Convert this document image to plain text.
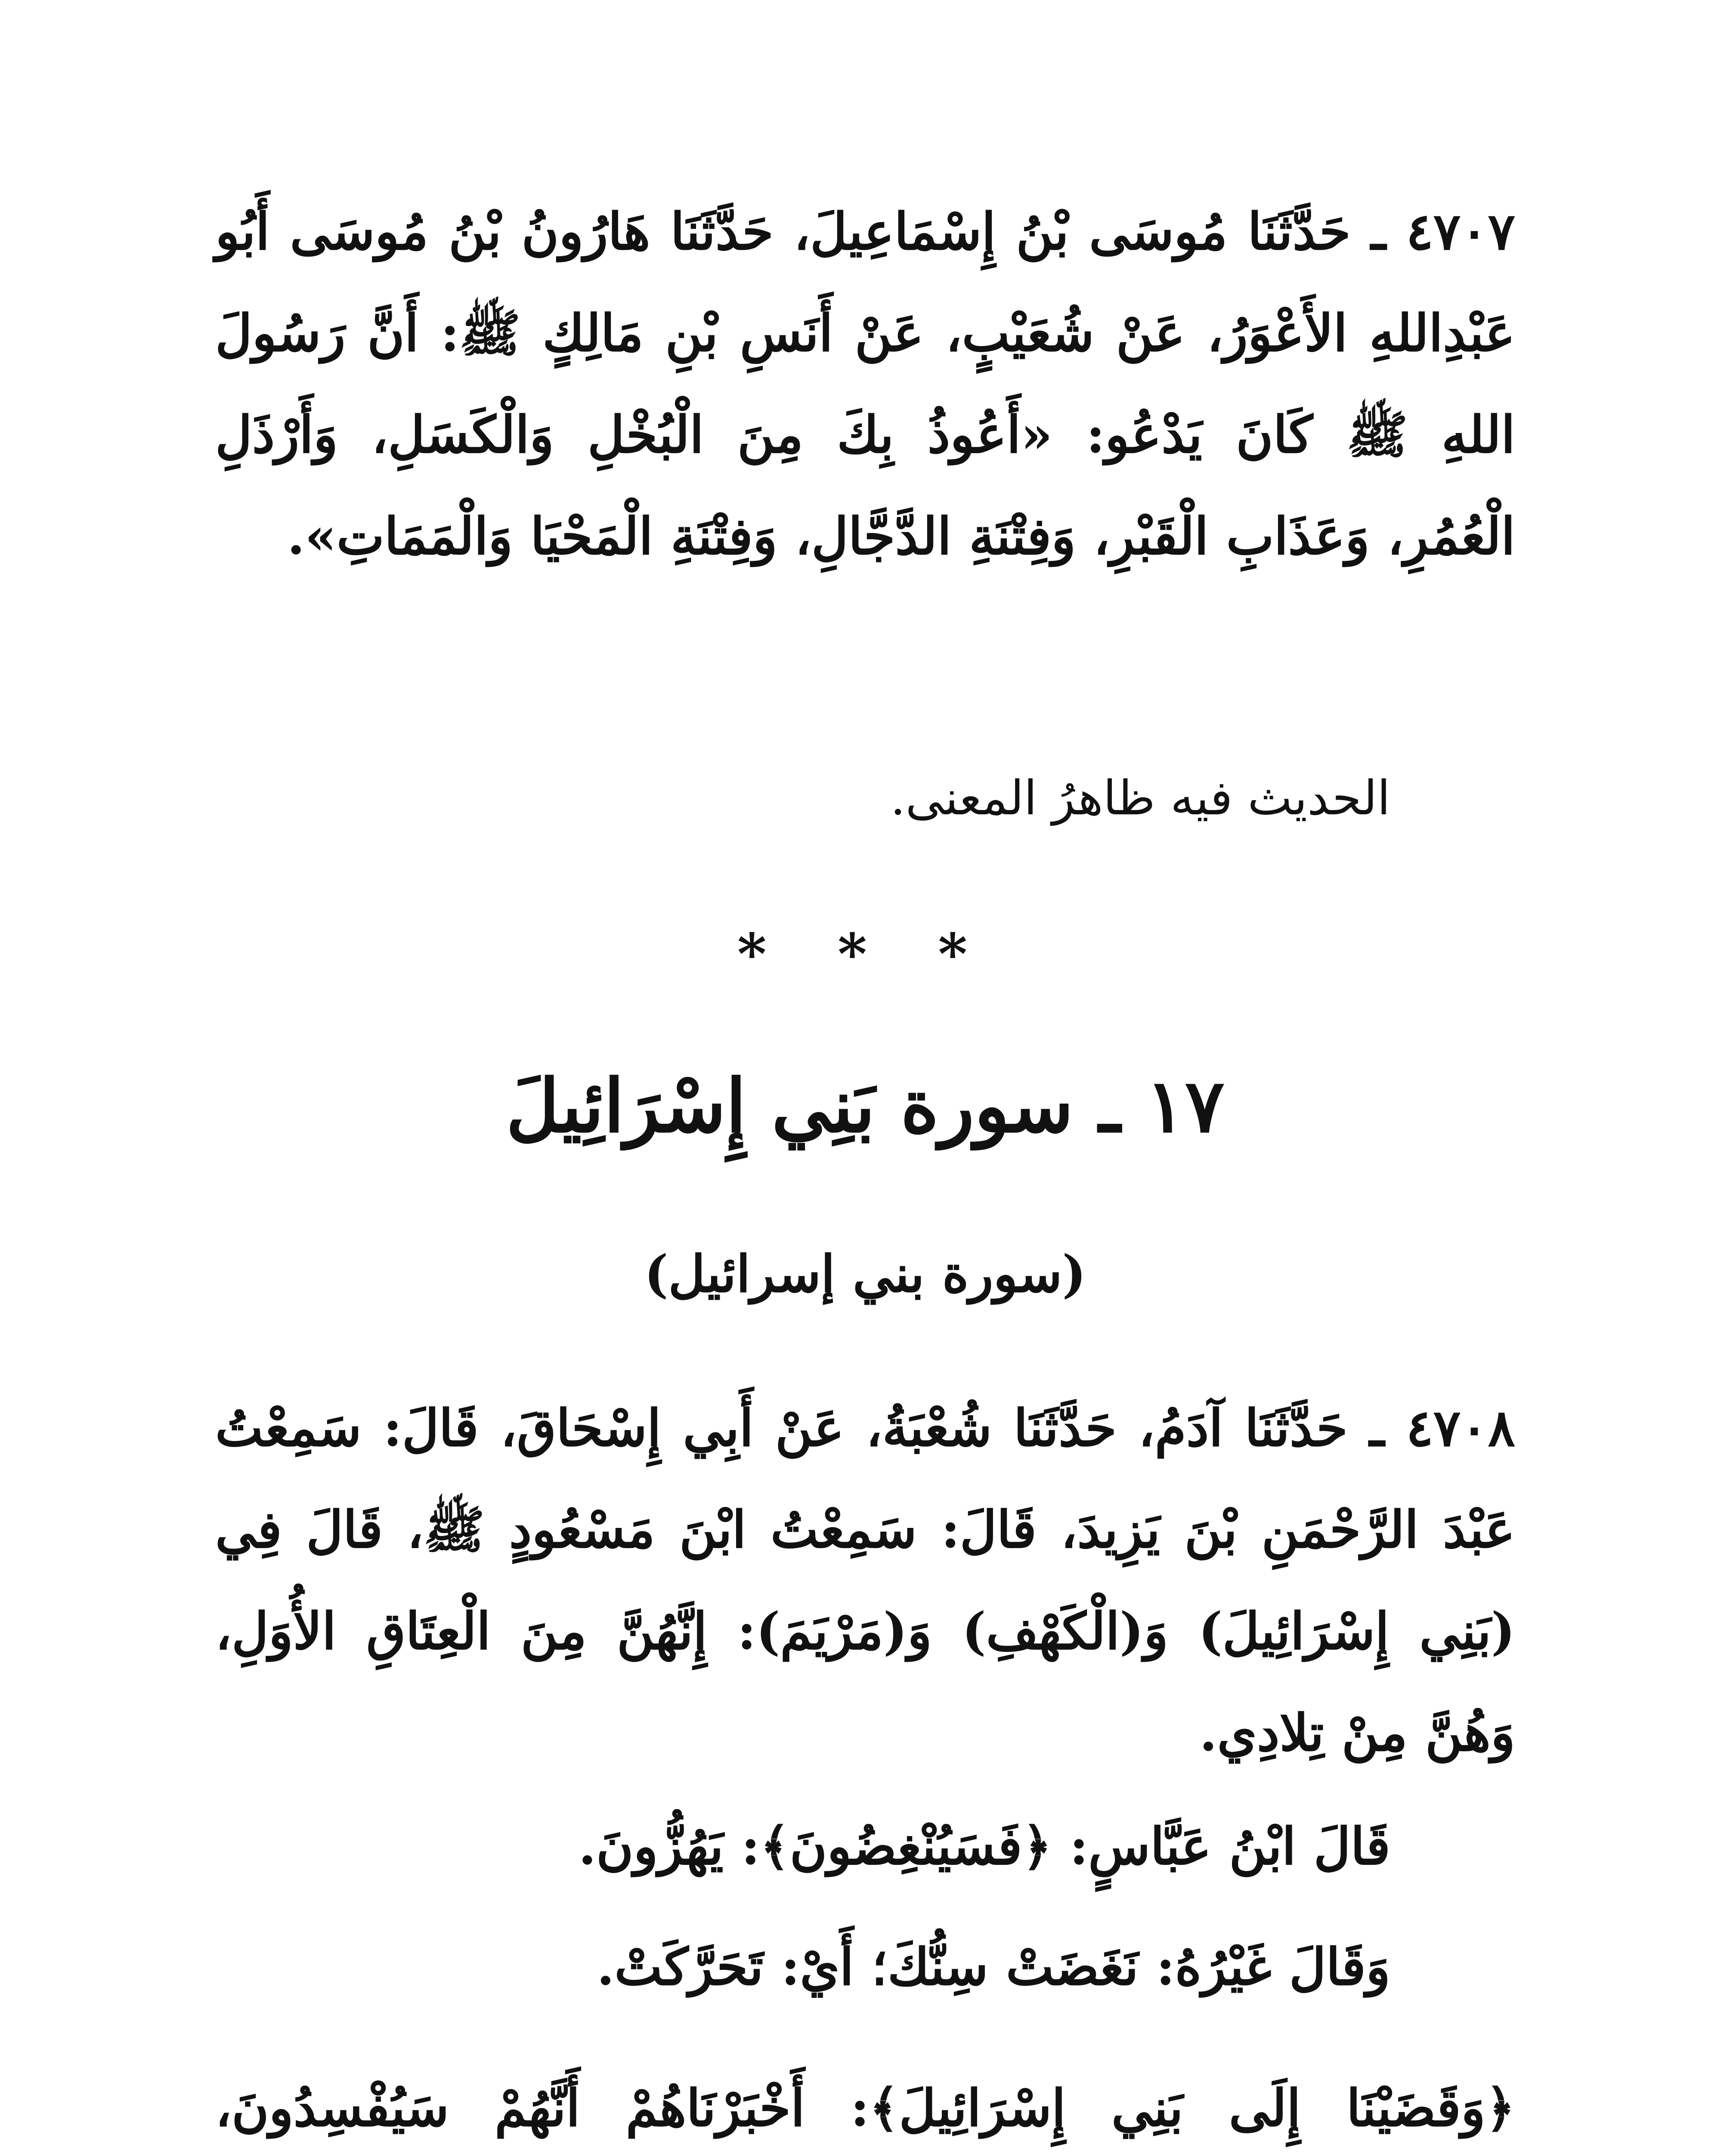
٤٧٠٧ ـ حَدَّثَنَا مُوسَى بْنُ إِسْمَاعِيلَ، حَدَّثَنَا هَارُونُ بْنُ مُوسَى أَبُو عَبْدِاللهِ الأَعْوَرُ، عَنْ شُعَيْبٍ، عَنْ أَنَسِ بْنِ مَالِكٍ ﷺ: أَنَّ رَسُولَ اللهِ ﷺ كَانَ يَدْعُو: «أَعُوذُ بِكَ مِنَ الْبُخْلِ وَالْكَسَلِ، وَأَرْذَلِ الْعُمُرِ، وَعَذَابِ الْقَبْرِ، وَفِتْنَةِ الدَّجَّالِ، وَفِتْنَةِ الْمَحْيَا وَالْمَمَاتِ».
الحديث فيه ظاهرُ المعنى.
* * *
١٧ ـ سورة بَنِي إِسْرَائِيلَ
(سورة بني إسرائيل)
٤٧٠٨ ـ حَدَّثَنَا آدَمُ، حَدَّثَنَا شُعْبَةُ، عَنْ أَبِي إِسْحَاقَ، قَالَ: سَمِعْتُ عَبْدَ الرَّحْمَنِ بْنَ يَزِيدَ، قَالَ: سَمِعْتُ ابْنَ مَسْعُودٍ ﷺ، قَالَ فِي (بَنِي إِسْرَائِيلَ) وَ(الْكَهْفِ) وَ(مَرْيَمَ): إِنَّهُنَّ مِنَ الْعِتَاقِ الأُوَلِ، وَهُنَّ مِنْ تِلادِي.
قَالَ ابْنُ عَبَّاسٍ: ﴿فَسَيُنْغِضُونَ﴾: يَهُزُّونَ.
وَقَالَ غَيْرُهُ: نَغَضَتْ سِنُّكَ؛ أَيْ: تَحَرَّكَتْ.
﴿وَقَضَيْنَا إِلَى بَنِي إِسْرَائِيلَ﴾: أَخْبَرْنَاهُمْ أَنَّهُمْ سَيُفْسِدُونَ،
